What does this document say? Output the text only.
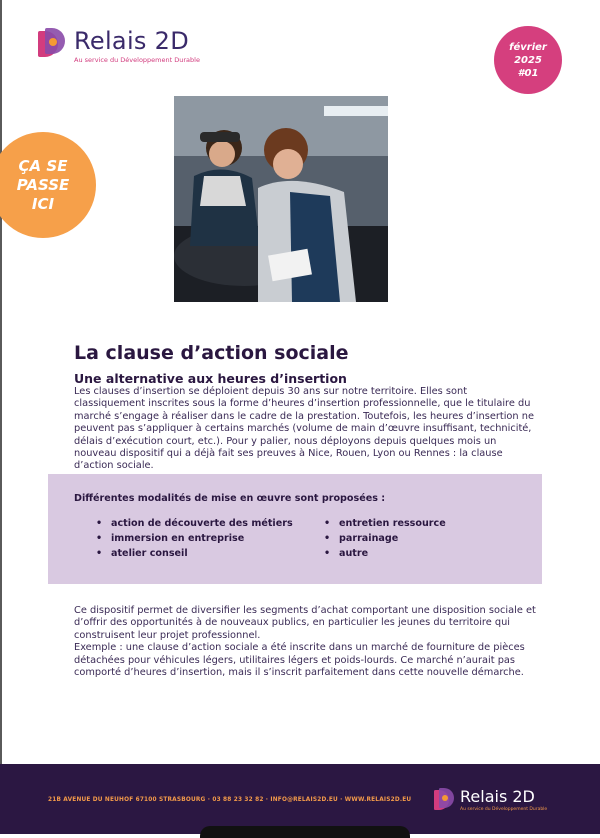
Relais 2D
Au service du Développement Durable
février
2025
#01
ÇA SE
PASSE
ICI
La clause d’action sociale
Une alternative aux heures d’insertion

Les clauses d’insertion se déploient depuis 30 ans sur notre territoire. Elles sont classiquement inscrites sous la forme d’heures d’insertion professionnelle, que le titulaire du marché s’engage à réaliser dans le cadre de la prestation. Toutefois, les heures d’insertion ne peuvent pas s’appliquer à certains marchés (volume de main d’œuvre insuffisant, technicité, délais d’exécution court, etc.). Pour y palier, nous déployons depuis quelques mois un nouveau dispositif qui a déjà fait ses preuves à Nice, Rouen, Lyon ou Rennes : la clause d’action sociale.

Différentes modalités de mise en œuvre sont proposées :
• action de découverte des métiers
• immersion en entreprise
• atelier conseil
• entretien ressource
• parrainage
• autre

Ce dispositif permet de diversifier les segments d’achat comportant une disposition sociale et d’offrir des opportunités à de nouveaux publics, en particulier les jeunes du territoire qui construisent leur projet professionnel.
Exemple : une clause d’action sociale a été inscrite dans un marché de fourniture de pièces détachées pour véhicules légers, utilitaires légers et poids-lourds. Ce marché n’aurait pas comporté d’heures d’insertion, mais il s’inscrit parfaitement dans cette nouvelle démarche.

21B AVENUE DU NEUHOF 67100 STRASBOURG · 03 88 23 32 82 · INFO@RELAIS2D.EU · WWW.RELAIS2D.EU	Relais 2D
Au service du Développement Durable
